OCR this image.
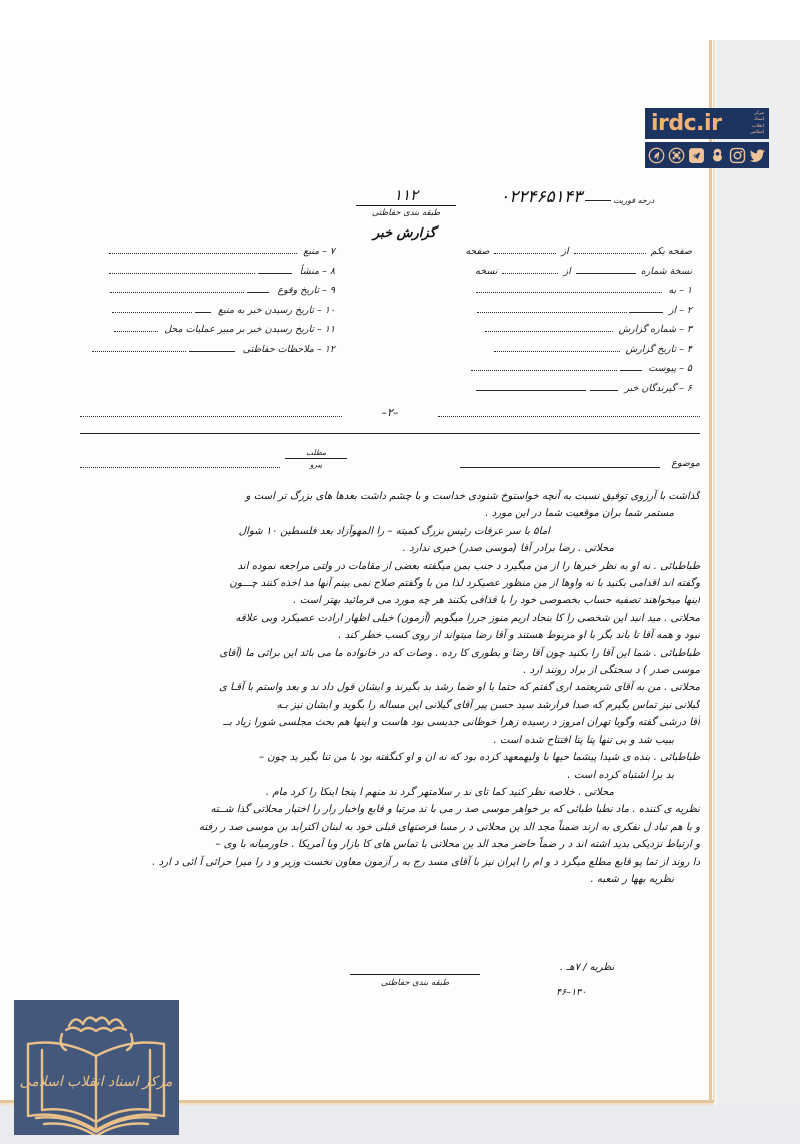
irdc.ir	مرکز
اسناد
انقلاب
اسلامی
۱۱۲
طبقه بندی حفاظتی
گزارش خبر
درجه فوریت
۰۲۲۴۶۵۱۴۳
صفحه یکم
از
صفحه
نسخة شماره
از
نسخه
۱ –
به
۲ –
از
۳ –
شماره گزارش
۴ –
تاریخ گزارش
۵ –
پیوست
۶ –
گیرندگان خبر
۷ –
منبع
۸ –
منشأ
۹ –
تاریخ وقوع
۱۰ –
تاریخ رسیدن خبر به منبع
۱۱ –
تاریخ رسیدن خبر بر مبیر عملیات محل
۱۲ –
ملاحظات حفاظتی
–۲–
موضوع
مطلب
پیرو
گذاشت با آرزوی توفیق نسبت به آنچه خواستوخ شنودی خداست و با چشم داشت بعدها های بزرگ تر است و
مستمر شما بران موقعیت شما در این مورد .
اما۵ با سر عرفات رئیس بزرگ کمیته – را المهوآزاد بعد فلسطین ۱۰ شوال
محلاتی . رضا برادر آقا (موسی صدر) خبری ندارد .
طباطبائی . نه او به نظر خبرها را از من میگیرد د جنب بمن میگفته بعضی از مقامات در ولتی مراجعه نموده اند
وگفته اند اقدامی بکنید با نه واوها از من منظور عصیکرد لذا من با وگفتم صلاح نمی بینم آنها مد اخذه کنند چـــون
اینها میخواهند تصفیه حساب بخصوصی خود را با قذافی بکنند هر چه مورد می فرمائید بهتر است .
محلاتی . مید انید این شخصی را کا بنجاد اریم منوز جررا میگویم (آزمون) خیلی اظهار ارادت عصیکرد وبی علاقه
نبود و همه آقا تا باند بگر با او مربوط هستند و آقا رضا میتواند از روی کسب خطر کند .
طباطبائی . شما این آقا را بکنید چون آقا رضا و بطوری کا رده . وصات که در خانواده ما می بائد این برائی ما (آقای
موسی صدر ) د سختگی از براد رونند ارد .
محلاتی . من به آقای شریعتمد اری گفتم که حتما با او ضما رشد بد بگیرند و ایشان قول داد ند و بعد واستم با آقـا ی
گیلانی نیز تماس بگیرم که صدا فرارشد سید حسن پیر آقای گیلانی این مساله را بگوید و ایشان نیز بـه
آقا درشی گفته وگویا تهران امروز د رسیده زهرا خوظانی جدیسی بود هاست و اینها هم بحث مجلسی شورا زیاد بــ
ببیب شد و بی تنها پتا پتا افتتاح شده است .
طباطبائی . بنده ی شیدا پیشما حیها با ولیهمعهد کرده بود که نه ان و او کنگفته بود با من تنا بگیر ید چون –
بد برا اشتباه کرده است .
محلاتی . خلاصه نظر کنید کما تای ند ر سلامتهر گرد ند منهم ا پنجا اینکا را کرد مام .
نظریه ی کننده . ماد نطبا طبائی که بر خواهر موسی صد ر می با ند مرتبا و قابع واخبار رار را اختیار محلاتی گذا شــته
و با هم تباد ل نفکری به ارند ضمناً مجد الد ین محلاتی د ر مسا فرصتهای قبلی خود به لبنان اکترابد بن موسی صد ر رفته
و ارتباط نزدیکی بدید اشته اند د ر ضماً حاضر مجد الد ین محلاتی با تماس های کا بازار وبا آمریکا . خاورمیانه با وی –
دا روند از تما پو قابع مطلع میگرد د و ام را ایران نیز با آقای مسد رج به ر آزمون معاون نخست وزیر و د را میرا حرائی آ ائی د ارد .
نظریه بهها ر شعبه .
نظریه / ۷هـ .
۴۶–۱۳۰
طبقه بندی حفاظتی
مرکز اسناد انقلاب اسلامی
